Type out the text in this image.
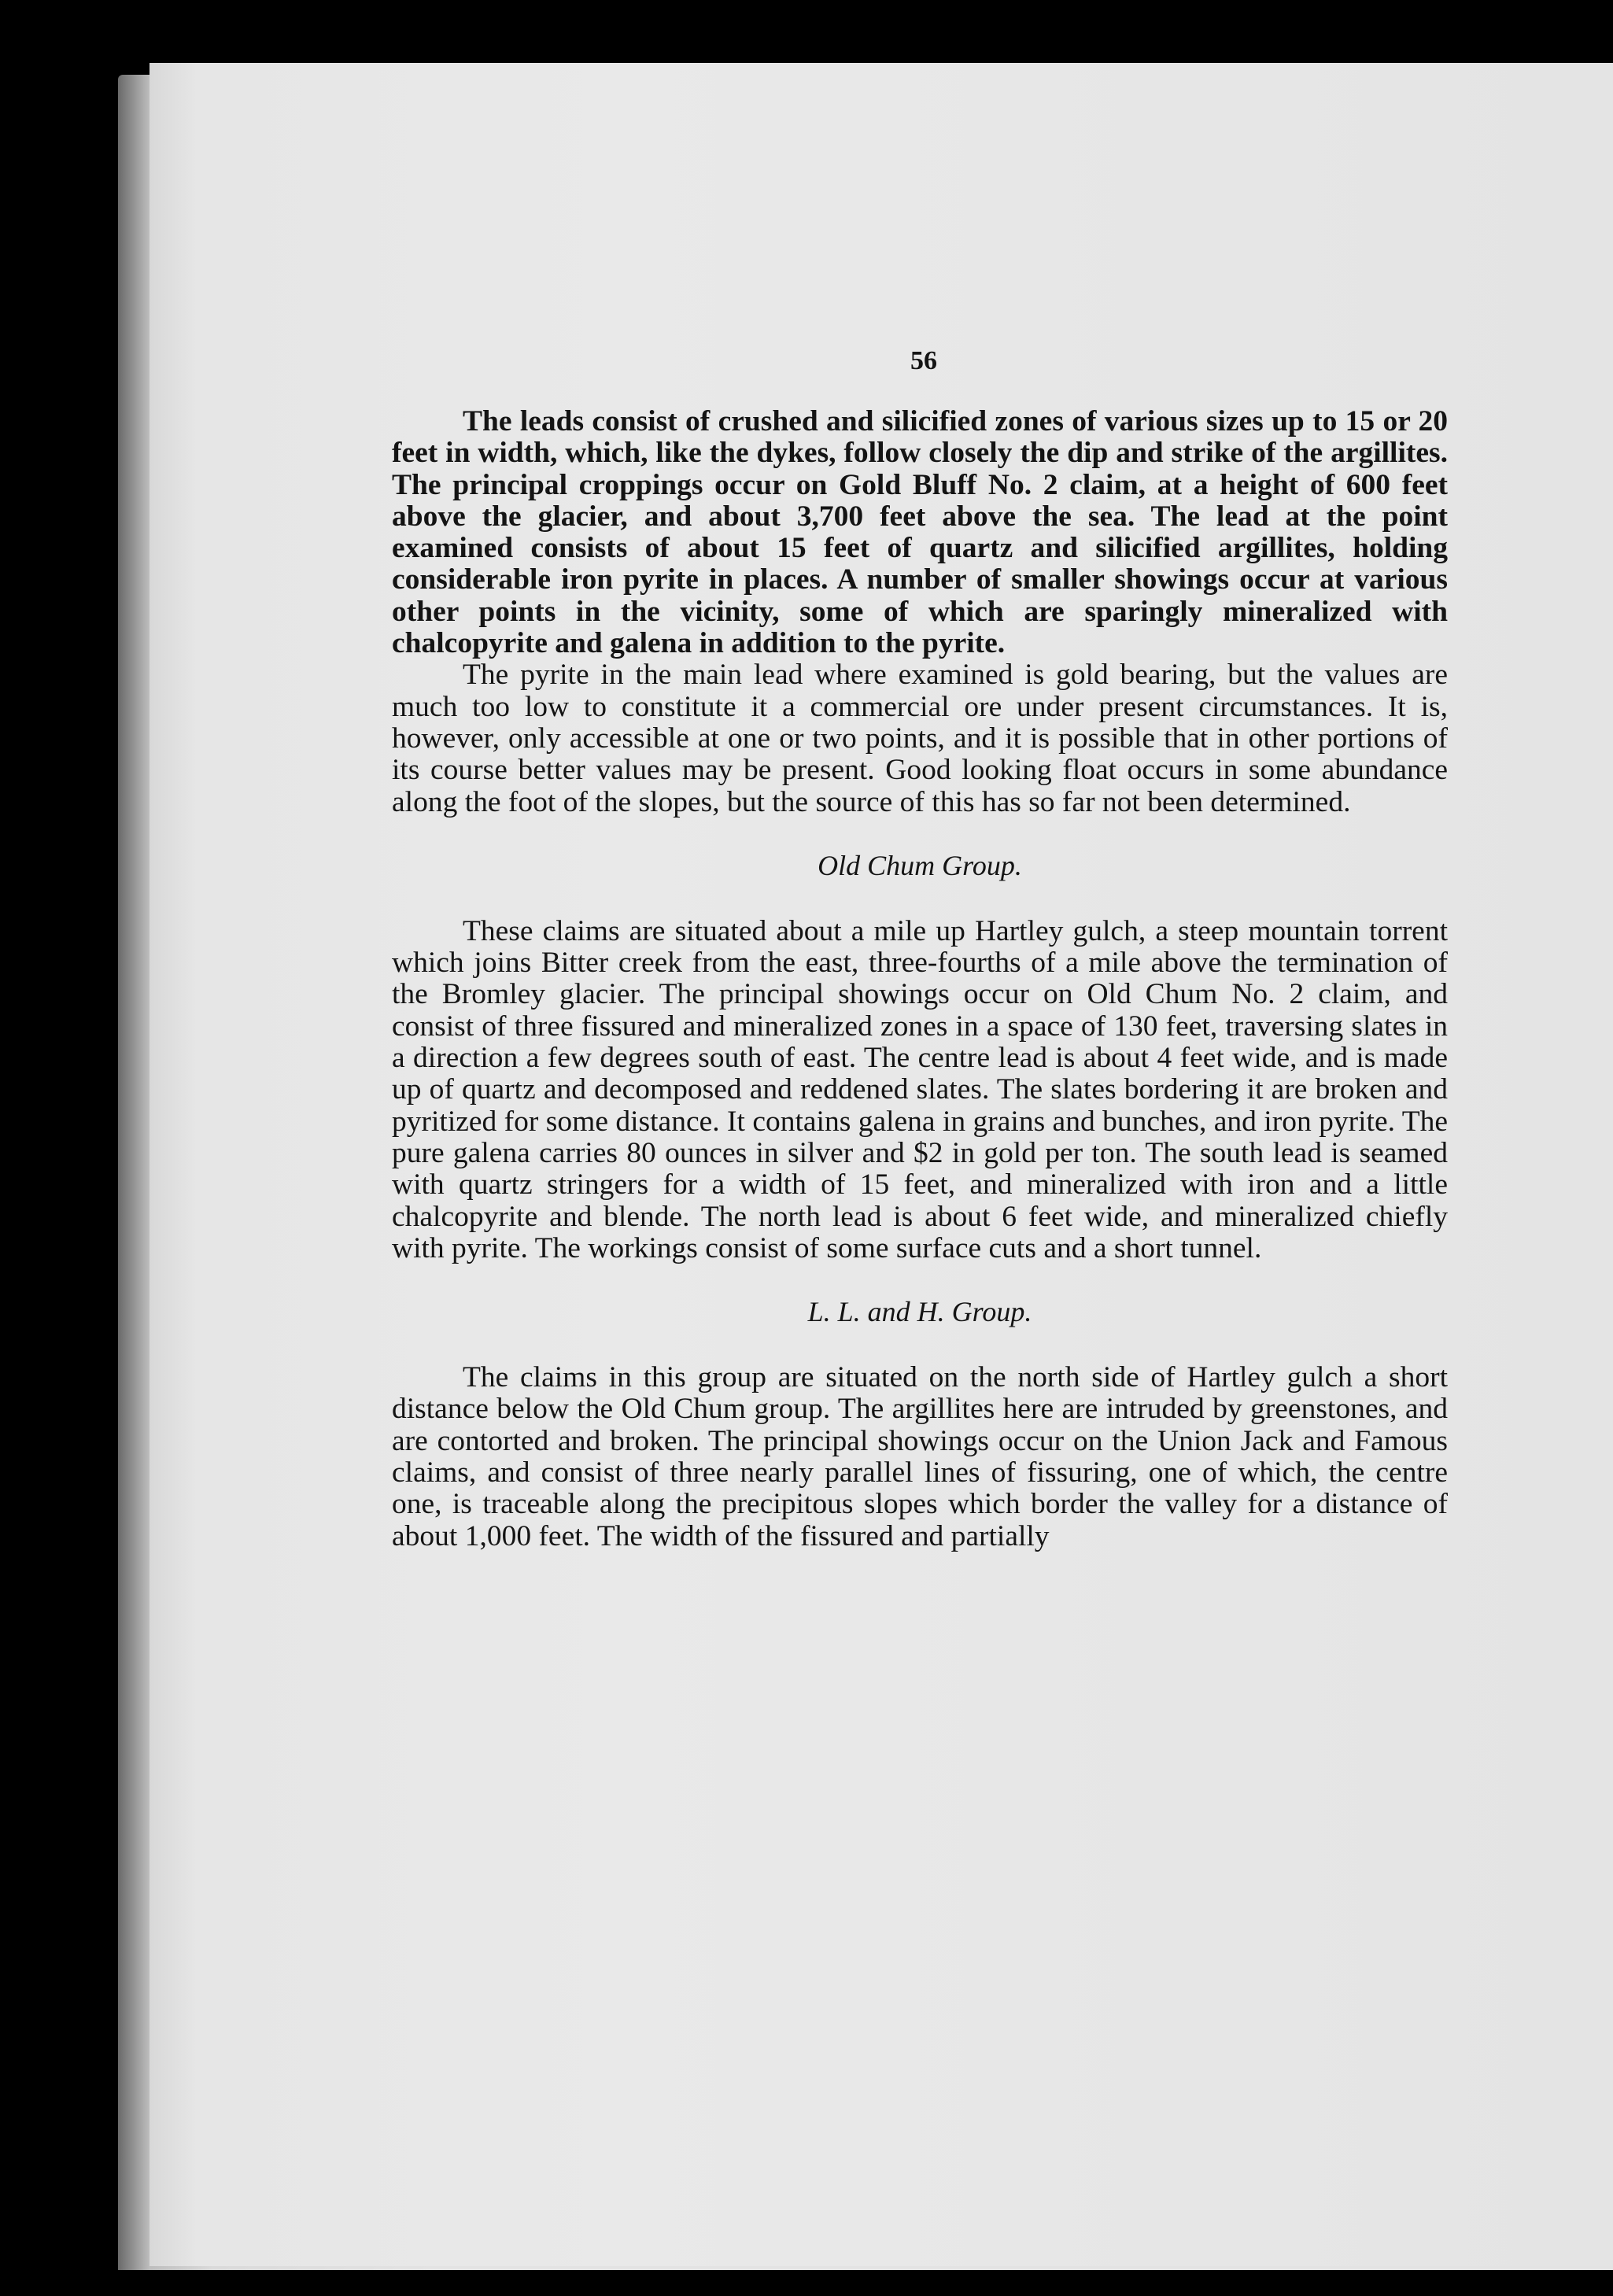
56

The leads consist of crushed and silicified zones of various sizes up to 15 or 20 feet in width, which, like the dykes, follow closely the dip and strike of the argillites. The principal croppings occur on Gold Bluff No. 2 claim, at a height of 600 feet above the glacier, and about 3,700 feet above the sea. The lead at the point examined consists of about 15 feet of quartz and silicified argillites, holding considerable iron pyrite in places. A number of smaller showings occur at various other points in the vicinity, some of which are sparingly mineralized with chalcopyrite and galena in addition to the pyrite.

The pyrite in the main lead where examined is gold bearing, but the values are much too low to constitute it a commercial ore under present circumstances. It is, however, only accessible at one or two points, and it is possible that in other portions of its course better values may be present. Good looking float occurs in some abundance along the foot of the slopes, but the source of this has so far not been determined.

Old Chum Group.

These claims are situated about a mile up Hartley gulch, a steep mountain torrent which joins Bitter creek from the east, three-fourths of a mile above the termination of the Bromley glacier. The principal showings occur on Old Chum No. 2 claim, and consist of three fissured and mineralized zones in a space of 130 feet, traversing slates in a direction a few degrees south of east. The centre lead is about 4 feet wide, and is made up of quartz and decomposed and reddened slates. The slates bordering it are broken and pyritized for some distance. It contains galena in grains and bunches, and iron pyrite. The pure galena carries 80 ounces in silver and $2 in gold per ton. The south lead is seamed with quartz stringers for a width of 15 feet, and mineralized with iron and a little chalcopyrite and blende. The north lead is about 6 feet wide, and mineralized chiefly with pyrite. The workings consist of some surface cuts and a short tunnel.

L. L. and H. Group.

The claims in this group are situated on the north side of Hartley gulch a short distance below the Old Chum group. The argillites here are intruded by greenstones, and are contorted and broken. The principal showings occur on the Union Jack and Famous claims, and consist of three nearly parallel lines of fissuring, one of which, the centre one, is traceable along the precipitous slopes which border the valley for a distance of about 1,000 feet. The width of the fissured and partially
